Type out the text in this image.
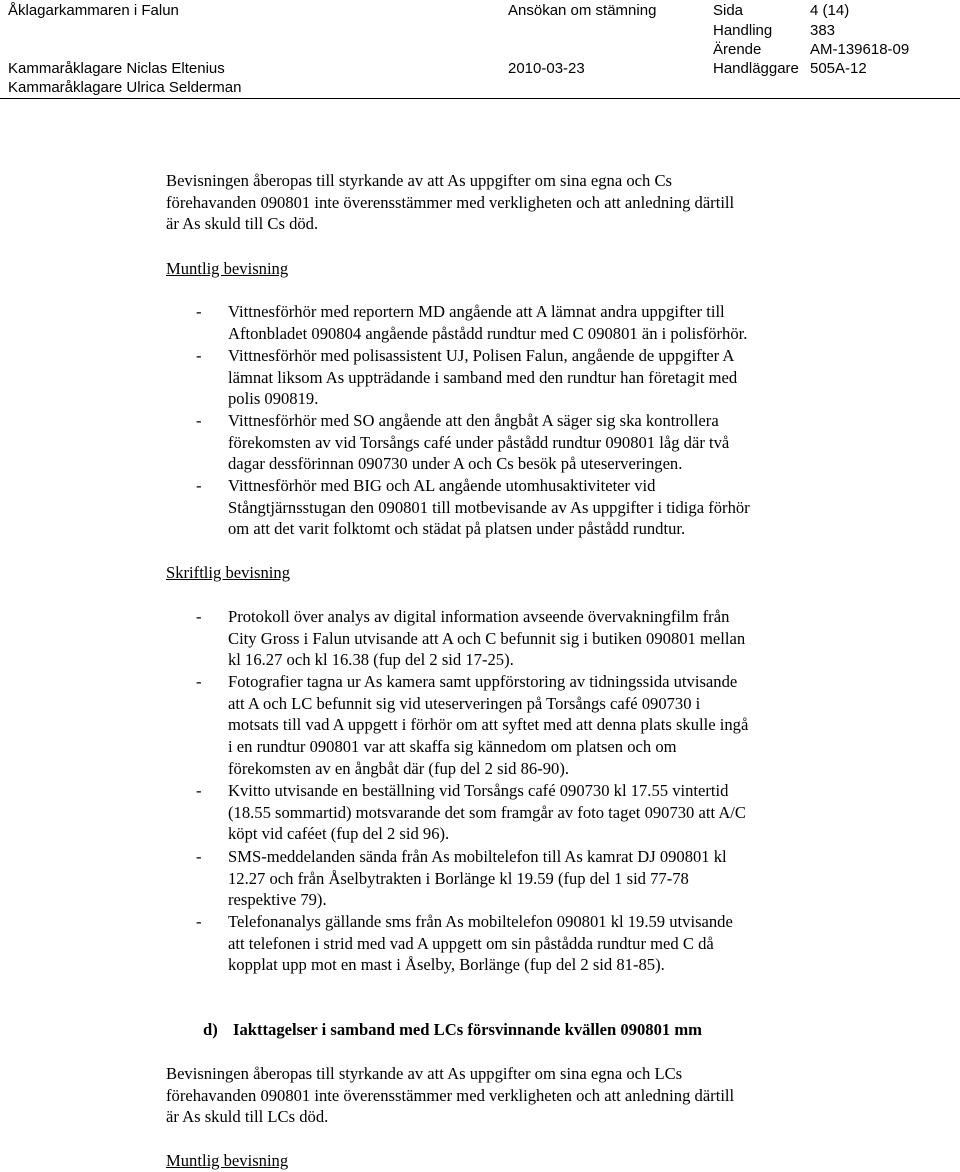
Åklagarkammaren i Falun	Ansökan om stämning	Sida	4 (14)
Handling	383
Ärende	AM-139618-09
Kammaråklagare Niclas Eltenius	2010-03-23	Handläggare 505A-12
Kammaråklagare Ulrica Selderman
Bevisningen åberopas till styrkande av att As uppgifter om sina egna och Cs
förehavanden 090801 inte överensstämmer med verkligheten och att anledning därtill
är As skuld till Cs död.
Muntlig bevisning
- Vittnesförhör med reportern MD angående att A lämnat andra uppgifter till
Aftonbladet 090804 angående påstådd rundtur med C 090801 än i polisförhör.
- Vittnesförhör med polisassistent UJ, Polisen Falun, angående de uppgifter A
lämnat liksom As uppträdande i samband med den rundtur han företagit med
polis 090819.
- Vittnesförhör med SO angående att den ångbåt A säger sig ska kontrollera
förekomsten av vid Torsångs café under påstådd rundtur 090801 låg där två
dagar dessförinnan 090730 under A och Cs besök på uteserveringen.
- Vittnesförhör med BIG och AL angående utomhusaktiviteter vid
Stångtjärnsstugan den 090801 till motbevisande av As uppgifter i tidiga förhör
om att det varit folktomt och städat på platsen under påstådd rundtur.
Skriftlig bevisning
- Protokoll över analys av digital information avseende övervakningfilm från
City Gross i Falun utvisande att A och C befunnit sig i butiken 090801 mellan
kl 16.27 och kl 16.38 (fup del 2 sid 17-25).
- Fotografier tagna ur As kamera samt uppförstoring av tidningssida utvisande
att A och LC befunnit sig vid uteserveringen på Torsångs café 090730 i
motsats till vad A uppgett i förhör om att syftet med att denna plats skulle ingå
i en rundtur 090801 var att skaffa sig kännedom om platsen och om
förekomsten av en ångbåt där (fup del 2 sid 86-90).
- Kvitto utvisande en beställning vid Torsångs café 090730 kl 17.55 vintertid
(18.55 sommartid) motsvarande det som framgår av foto taget 090730 att A/C
köpt vid caféet (fup del 2 sid 96).
- SMS-meddelanden sända från As mobiltelefon till As kamrat DJ 090801 kl
12.27 och från Åselbytrakten i Borlänge kl 19.59 (fup del 1 sid 77-78
respektive 79).
- Telefonanalys gällande sms från As mobiltelefon 090801 kl 19.59 utvisande
att telefonen i strid med vad A uppgett om sin påstådda rundtur med C då
kopplat upp mot en mast i Åselby, Borlänge (fup del 2 sid 81-85).
d) Iakttagelser i samband med LCs försvinnande kvällen 090801 mm
Bevisningen åberopas till styrkande av att As uppgifter om sina egna och LCs
förehavanden 090801 inte överensstämmer med verkligheten och att anledning därtill
är As skuld till LCs död.
Muntlig bevisning
